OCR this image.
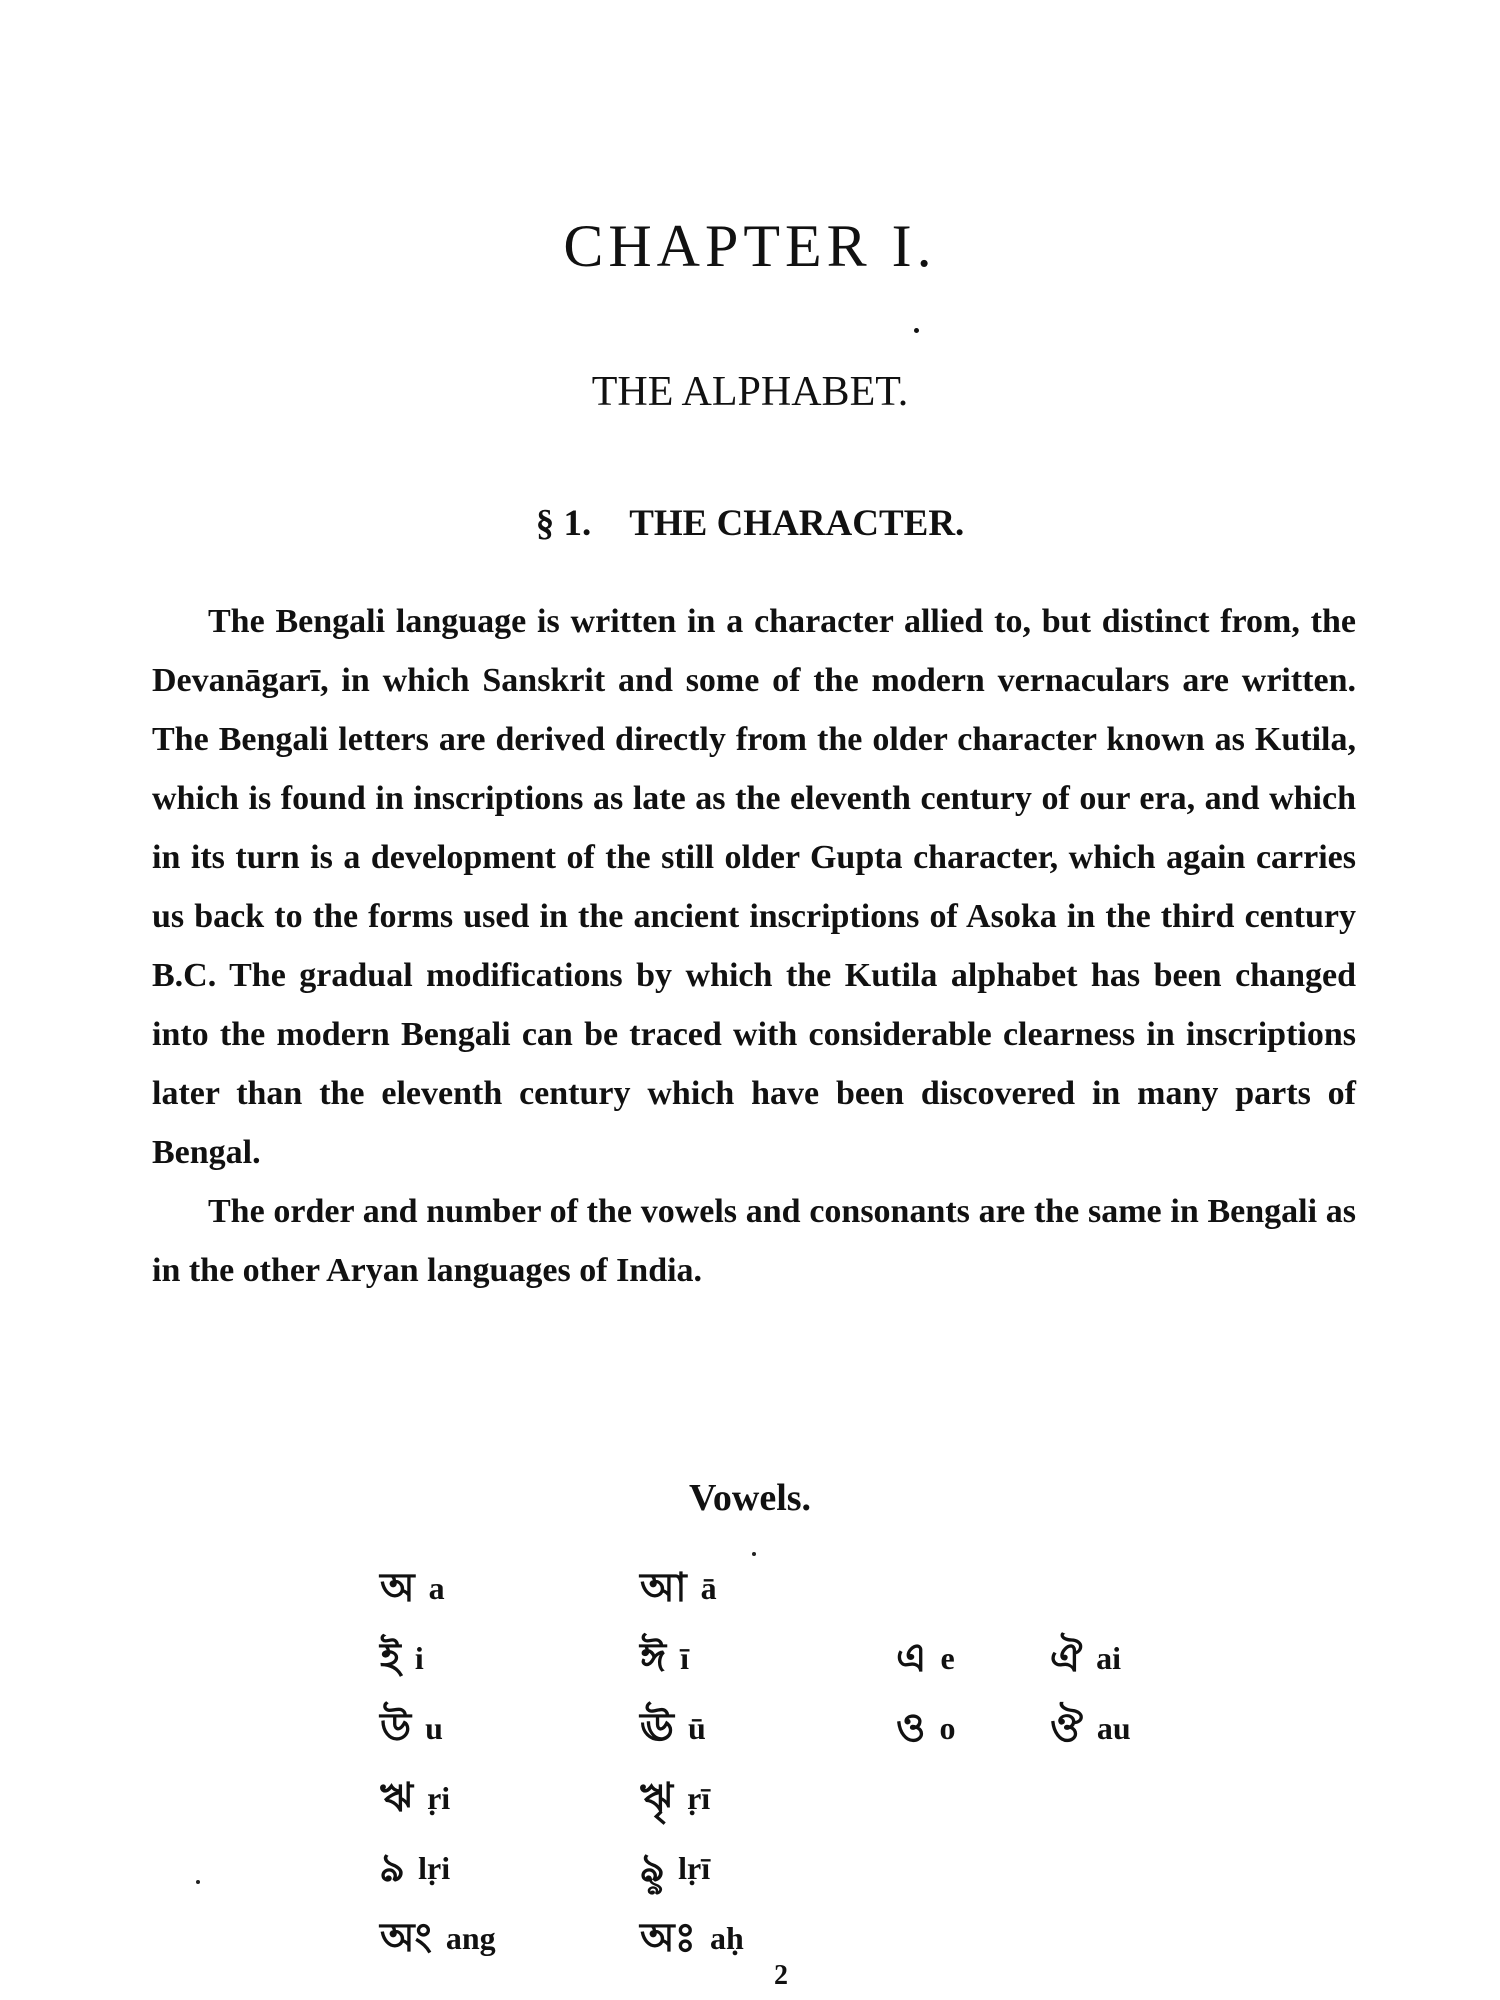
CHAPTER I.
THE ALPHABET.
§ 1. THE CHARACTER.

The Bengali language is written in a character allied to, but distinct from, the Devanāgarī, in which Sanskrit and some of the modern vernaculars are written. The Bengali letters are derived directly from the older character known as Kutila, which is found in inscriptions as late as the eleventh century of our era, and which in its turn is a development of the still older Gupta character, which again carries us back to the forms used in the ancient inscriptions of Asoka in the third century B.C. The gradual modifications by which the Kutila alphabet has been changed into the modern Bengali can be traced with considerable clearness in inscriptions later than the eleventh century which have been discovered in many parts of Bengal.

The order and number of the vowels and consonants are the same in Bengali as in the other Aryan languages of India.

Vowels.
অ a	আ ā
ই i	ঈ ī	এ e ঐ ai
উ u	ঊ ū	ও o ঔ au
ঋ ṛi	ৠ ṛī
ঌ lṛi	ৡ lṛī
অং ang	অঃ aḥ
2
